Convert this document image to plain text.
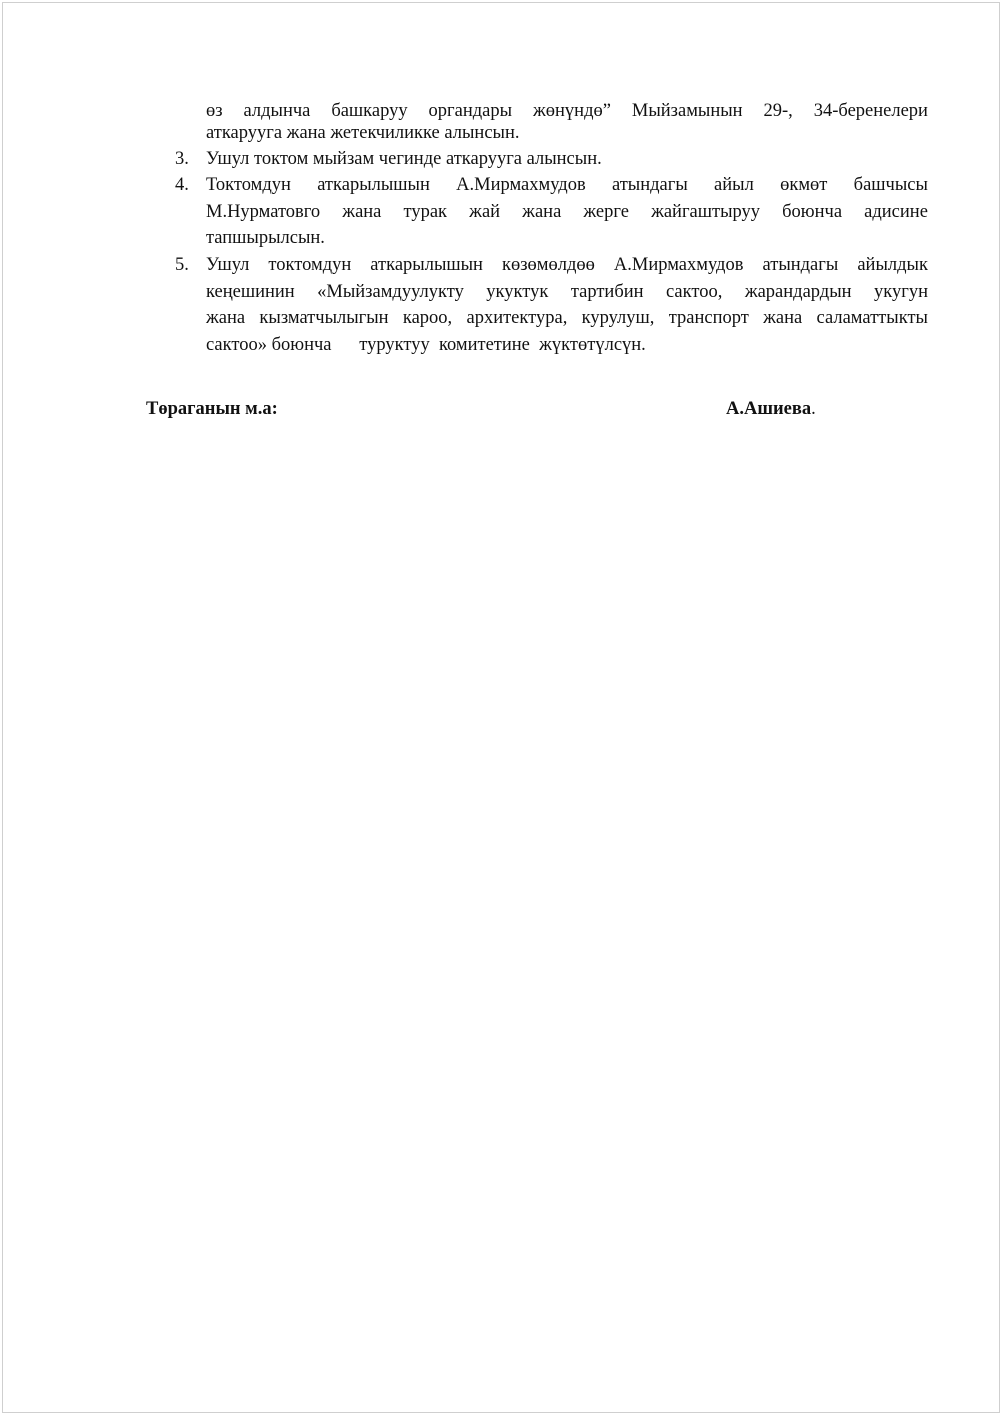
өз алдынча башкаруу органдары жөнүндө” Мыйзамынын 29-, 34-беренелери
аткарууга жана жетекчиликке алынсын.
3. Ушул токтом мыйзам чегинде аткарууга алынсын.
4. Токтомдун аткарылышын А.Мирмахмудов атындагы айыл өкмөт башчысы
М.Нурматовго жана турак жай жана жерге жайгаштыруу боюнча адисине
тапшырылсын.
5. Ушул токтомдун аткарылышын көзөмөлдөө А.Мирмахмудов атындагы айылдык
кеңешинин «Мыйзамдуулукту укуктук тартибин сактоо, жарандардын укугун
жана кызматчылыгын кароо, архитектура, курулуш, транспорт жана саламаттыкты
сактоо» боюнча      туруктуу  комитетине  жүктөтүлсүн.
Төраганын м.а:	А.Ашиева.
